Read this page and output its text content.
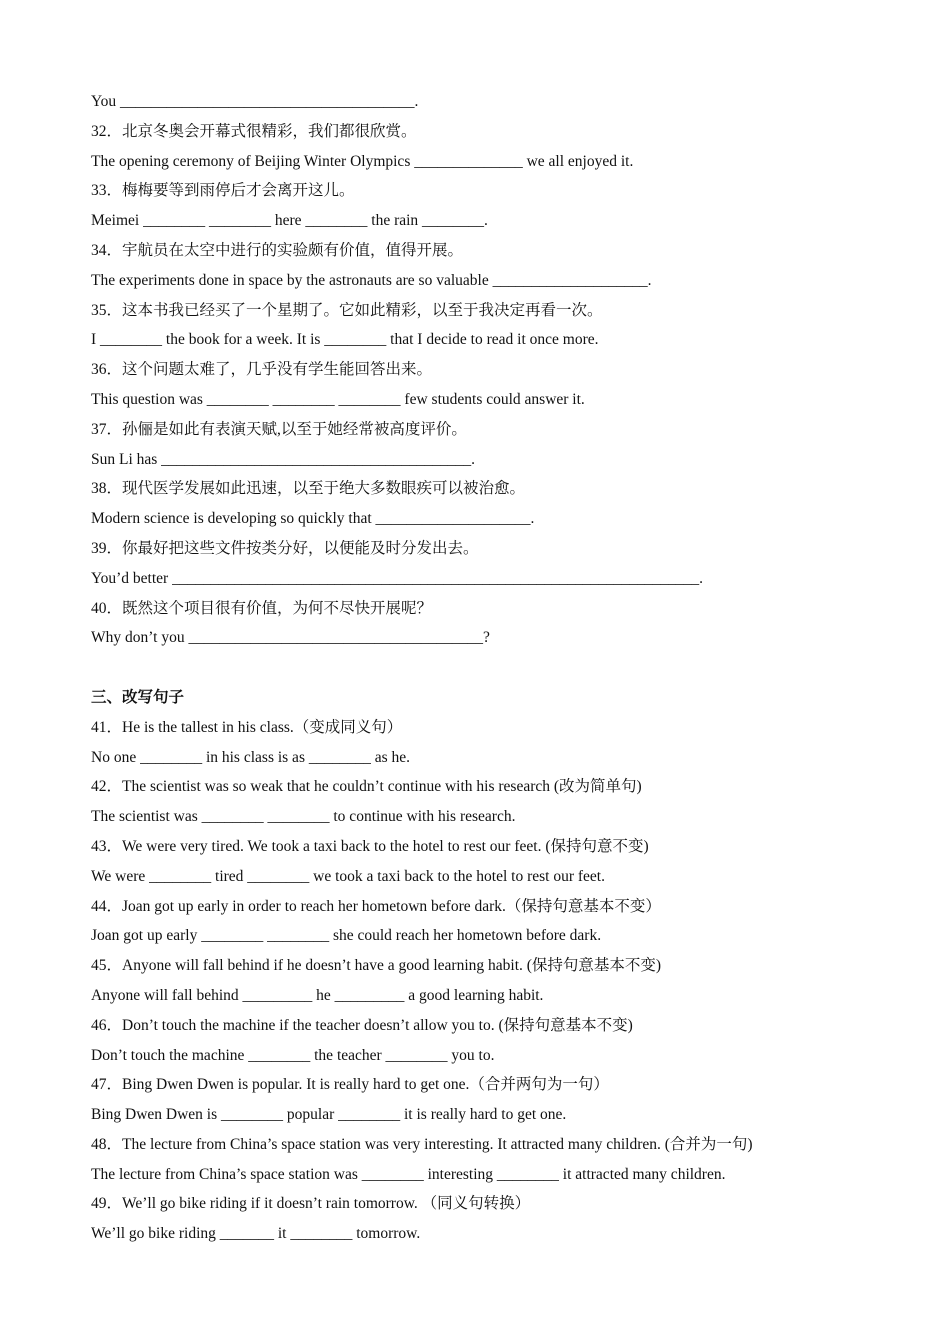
You ______________________________________.
32．北京冬奥会开幕式很精彩，我们都很欣赏。
The opening ceremony of Beijing Winter Olympics ______________ we all enjoyed it.
33．梅梅要等到雨停后才会离开这儿。
Meimei ________ ________ here ________ the rain ________.
34．宇航员在太空中进行的实验颇有价值，值得开展。
The experiments done in space by the astronauts are so valuable ____________________.
35．这本书我已经买了一个星期了。它如此精彩，以至于我决定再看一次。
I ________ the book for a week. It is ________ that I decide to read it once more.
36．这个问题太难了，几乎没有学生能回答出来。
This question was ________ ________ ________ few students could answer it.
37．孙俪是如此有表演天赋,以至于她经常被高度评价。
Sun Li has ________________________________________.
38．现代医学发展如此迅速，以至于绝大多数眼疾可以被治愈。
Modern science is developing so quickly that ____________________.
39．你最好把这些文件按类分好，以便能及时分发出去。
You’d better ____________________________________________________________________.
40．既然这个项目很有价值，为何不尽快开展呢？
Why don’t you ______________________________________?
三、改写句子
41．He is the tallest in his class.（变成同义句）
No one ________ in his class is as ________ as he.
42．The scientist was so weak that he couldn’t continue with his research (改为简单句)
The scientist was ________ ________ to continue with his research.
43．We were very tired. We took a taxi back to the hotel to rest our feet. (保持句意不变)
We were ________ tired ________ we took a taxi back to the hotel to rest our feet.
44．Joan got up early in order to reach her hometown before dark.（保持句意基本不变）
Joan got up early ________ ________ she could reach her hometown before dark.
45．Anyone will fall behind if he doesn’t have a good learning habit. (保持句意基本不变)
Anyone will fall behind _________ he _________ a good learning habit.
46．Don’t touch the machine if the teacher doesn’t allow you to. (保持句意基本不变)
Don’t touch the machine ________ the teacher ________ you to.
47．Bing Dwen Dwen is popular. It is really hard to get one.（合并两句为一句）
Bing Dwen Dwen is ________ popular ________ it is really hard to get one.
48．The lecture from China’s space station was very interesting. It attracted many children. (合并为一句)
The lecture from China’s space station was ________ interesting ________ it attracted many children.
49．We’ll go bike riding if it doesn’t rain tomorrow. （同义句转换）
We’ll go bike riding _______ it ________ tomorrow.
